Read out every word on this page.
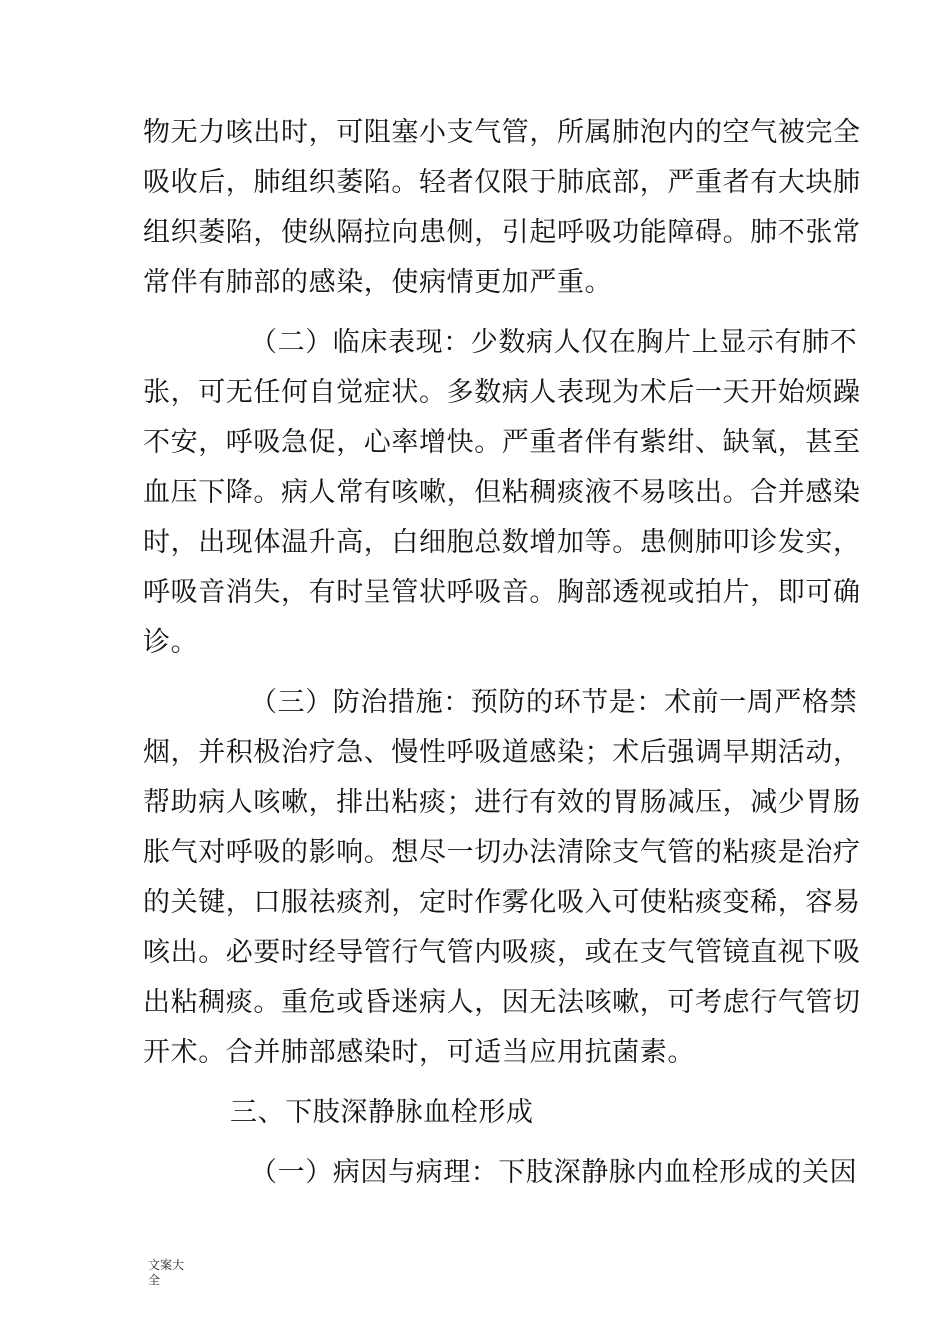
物无力咳出时，可阻塞小支气管，所属肺泡内的空气被完全
吸收后，肺组织萎陷。轻者仅限于肺底部，严重者有大块肺
组织萎陷，使纵隔拉向患侧，引起呼吸功能障碍。肺不张常
常伴有肺部的感染，使病情更加严重。
（二）临床表现：少数病人仅在胸片上显示有肺不
张，可无任何自觉症状。多数病人表现为术后一天开始烦躁
不安，呼吸急促，心率增快。严重者伴有紫绀、缺氧，甚至
血压下降。病人常有咳嗽，但粘稠痰液不易咳出。合并感染
时，出现体温升高，白细胞总数增加等。患侧肺叩诊发实，
呼吸音消失，有时呈管状呼吸音。胸部透视或拍片，即可确
诊。
（三）防治措施：预防的环节是：术前一周严格禁
烟，并积极治疗急、慢性呼吸道感染；术后强调早期活动，
帮助病人咳嗽，排出粘痰；进行有效的胃肠减压，减少胃肠
胀气对呼吸的影响。想尽一切办法清除支气管的粘痰是治疗
的关键，口服祛痰剂，定时作雾化吸入可使粘痰变稀，容易
咳出。必要时经导管行气管内吸痰，或在支气管镜直视下吸
出粘稠痰。重危或昏迷病人，因无法咳嗽，可考虑行气管切
开术。合并肺部感染时，可适当应用抗菌素。
三、下肢深静脉血栓形成
（一）病因与病理：下肢深静脉内血栓形成的关因
文案大全
